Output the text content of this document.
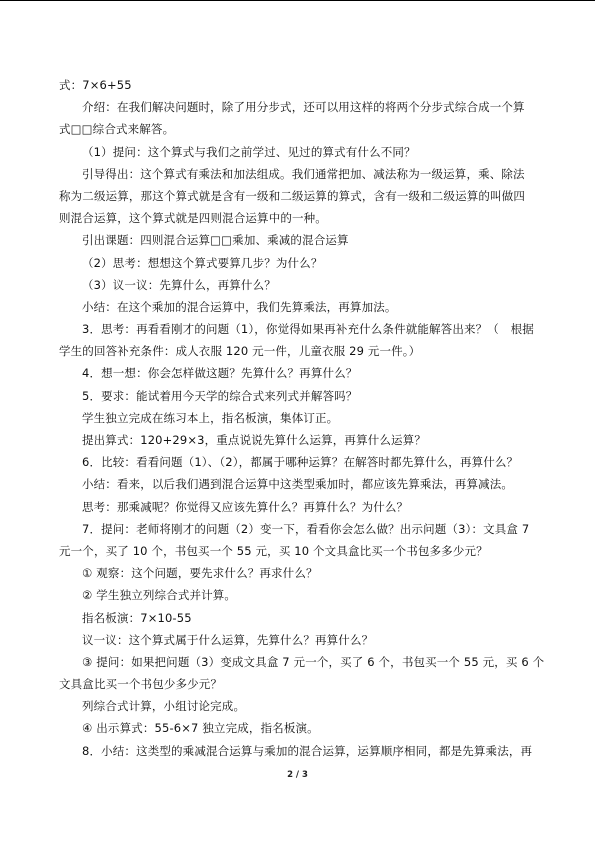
式：7×6+55
介绍：在我们解决问题时，除了用分步式，还可以用这样的将两个分步式综合成一个算
式□□综合式来解答。
（1）提问：这个算式与我们之前学过、见过的算式有什么不同？
引导得出：这个算式有乘法和加法组成。我们通常把加、减法称为一级运算，乘、除法
称为二级运算，那这个算式就是含有一级和二级运算的算式，含有一级和二级运算的叫做四
则混合运算，这个算式就是四则混合运算中的一种。
引出课题：四则混合运算□□乘加、乘减的混合运算
（2）思考：想想这个算式要算几步？为什么？
（3）议一议：先算什么，再算什么？
小结：在这个乘加的混合运算中，我们先算乘法，再算加法。
3．思考：再看看刚才的问题（1），你觉得如果再补充什么条件就能解答出来？（　根据
学生的回答补充条件：成人衣服 120 元一件，儿童衣服 29 元一件。）
4．想一想：你会怎样做这题？先算什么？再算什么？
5．要求：能试着用今天学的综合式来列式并解答吗？
学生独立完成在练习本上，指名板演，集体订正。
提出算式：120+29×3，重点说说先算什么运算，再算什么运算？
6．比较：看看问题（1）、（2），都属于哪种运算？在解答时都先算什么，再算什么？
小结：看来，以后我们遇到混合运算中这类型乘加时，都应该先算乘法，再算减法。
思考：那乘减呢？你觉得又应该先算什么？再算什么？为什么？
7．提问：老师将刚才的问题（2）变一下，看看你会怎么做？出示问题（3）：文具盒 7
元一个，买了 10 个，书包买一个 55 元，买 10 个文具盒比买一个书包多多少元？
① 观察：这个问题，要先求什么？再求什么？
② 学生独立列综合式并计算。
指名板演：7×10-55
议一议：这个算式属于什么运算，先算什么？再算什么？
③ 提问：如果把问题（3）变成文具盒 7 元一个，买了 6 个，书包买一个 55 元，买 6 个
文具盒比买一个书包少多少元？
列综合式计算，小组讨论完成。
④ 出示算式：55-6×7 独立完成，指名板演。
8．小结：这类型的乘减混合运算与乘加的混合运算，运算顺序相同，都是先算乘法，再
2 / 3
